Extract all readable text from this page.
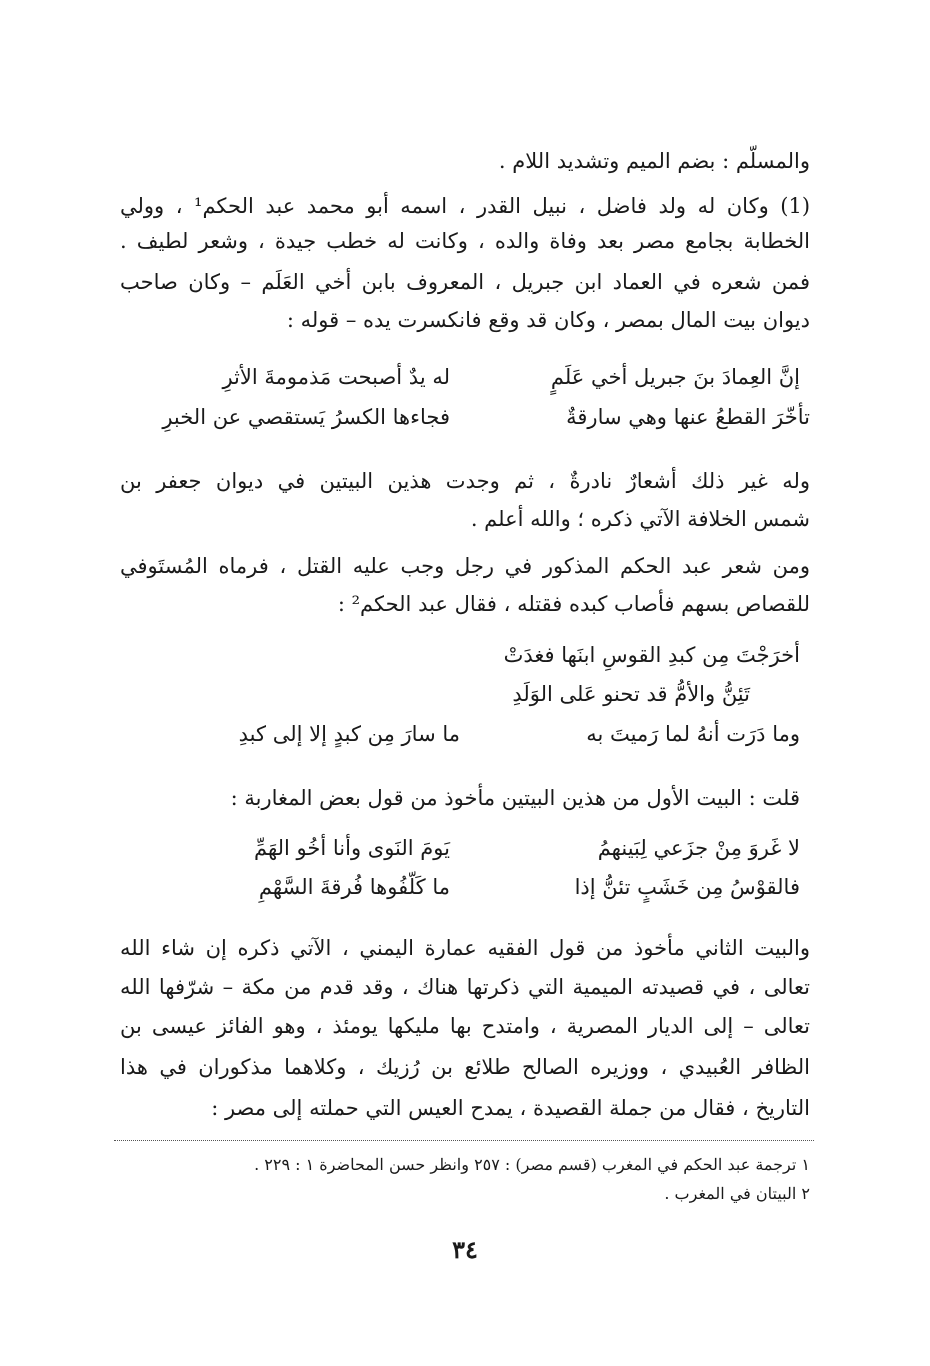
والمسلّم : بضم الميم وتشديد اللام .
(1) وكان له ولد فاضل ، نبيل القدر ، اسمه أبو محمد عبد الحكم¹ ، وولي
الخطابة بجامع مصر بعد وفاة والده ، وكانت له خطب جيدة ، وشعر لطيف .
فمن شعره في العماد ابن جبريل ، المعروف بابن أخي العَلَم – وكان صاحب
ديوان بيت المال بمصر ، وكان قد وقع فانكسرت يده – قوله :
إنَّ العِمادَ بنَ جبريل أخي عَلَمٍ
له يدٌ أصبحت مَذمومةَ الأثرِ
تأخّرَ القطعُ عنها وهي سارقةٌ
فجاءها الكسرُ يَستقصي عن الخبرِ
وله غير ذلك أشعارٌ نادرةٌ ، ثم وجدت هذين البيتين في ديوان جعفر بن
شمس الخلافة الآتي ذكره ؛ والله أعلم .
ومن شعر عبد الحكم المذكور في رجل وجب عليه القتل ، فرماه المُستَوفي
للقصاص بسهم فأصاب كبده فقتله ، فقال عبد الحكم² :
أخرَجْتَ مِن كبدِ القوسِ ابنَها فغدَتْ
تَئِنُّ والأمُّ قد تحنو عَلى الوَلَدِ
وما دَرَت أنهُ لما رَميتَ به
ما سارَ مِن كبدٍ إلا إلى كبدِ
قلت : البيت الأول من هذين البيتين مأخوذ من قول بعض المغاربة :
لا غَروَ مِنْ جزَعي لِبَينهمُ
يَومَ النَوى وأنا أخُو الهَمِّ
فالقوْسُ مِن خَشَبٍ تئنُّ إذا
ما كَلّفُوها فُرقةَ السَّهْمِ
والبيت الثاني مأخوذ من قول الفقيه عمارة اليمني ، الآتي ذكره إن شاء الله
تعالى ، في قصيدته الميمية التي ذكرتها هناك ، وقد قدم من مكة – شرّفها الله
تعالى – إلى الديار المصرية ، وامتدح بها مليكها يومئذ ، وهو الفائز عيسى بن
الظافر العُبيدي ، ووزيره الصالح طلائع بن رُزيك ، وكلاهما مذكوران في هذا
التاريخ ، فقال من جملة القصيدة ، يمدح العيس التي حملته إلى مصر :
١ ترجمة عبد الحكم في المغرب (قسم مصر) : ٢٥٧ وانظر حسن المحاضرة ١ : ٢٢٩ .
٢ البيتان في المغرب .
٣٤
